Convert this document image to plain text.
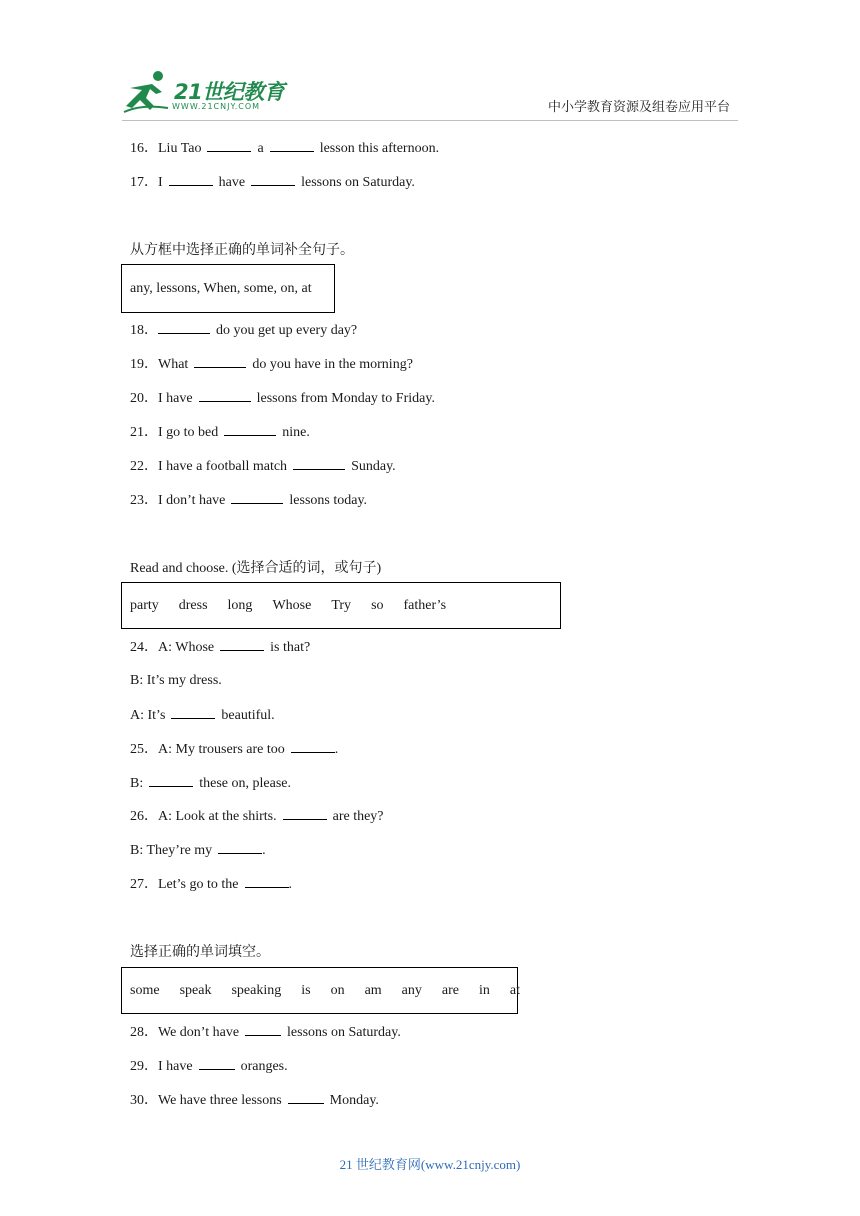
21世纪教育
WWW.21CNJY.COM	中小学教育资源及组卷应用平台
16．Liu Tao	a	lesson this afternoon.
17．I	have	lessons on Saturday.
从方框中选择正确的单词补全句子。
any, lessons, When, some, on, at
18．	do you get up every day?
19．What	do you have in the morning?
20．I have	lessons from Monday to Friday.
21．I go to bed	nine.
22．I have a football match	Sunday.
23．I don’t have	lessons today.
Read and choose. (选择合适的词，或句子)
party dress long Whose Try so father’s
24．A: Whose	is that?
B: It’s my dress.
A: It’s	beautiful.
25．A: My trousers are too	.
B:	these on, please.
26．A: Look at the shirts.	are they?
B: They’re my	.
27．Let’s go to the	.
选择正确的单词填空。
some speak speaking is on am any are in at
28．We don’t have	lessons on Saturday.
29．I have	oranges.
30．We have three lessons	Monday.
21 世纪教育网(www.21cnjy.com)
